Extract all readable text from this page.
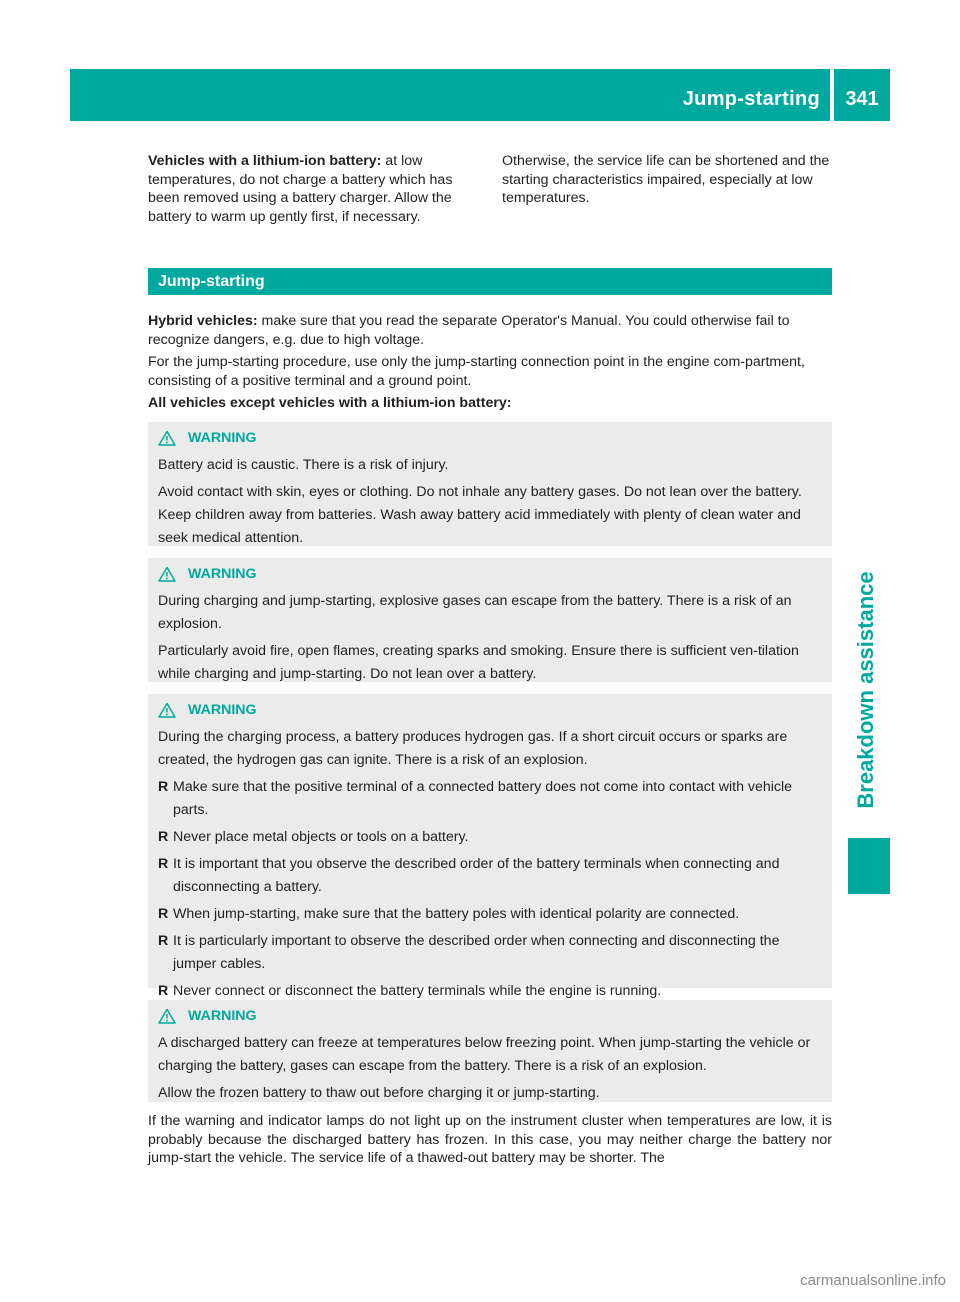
Jump-starting	341
Breakdown assistance
Vehicles with a lithium-ion battery: at low temperatures, do not charge a battery which has been removed using a battery charger. Allow the battery to warm up gently first, if necessary.
Otherwise, the service life can be shortened and the starting characteristics impaired, especially at low temperatures.
Jump-starting

Hybrid vehicles: make sure that you read the separate Operator's Manual. You could otherwise fail to recognize dangers, e.g. due to high voltage.

For the jump-starting procedure, use only the jump-starting connection point in the engine com-partment, consisting of a positive terminal and a ground point.

All vehicles except vehicles with a lithium-ion battery:

WARNING

Battery acid is caustic. There is a risk of injury.

Avoid contact with skin, eyes or clothing. Do not inhale any battery gases. Do not lean over the battery. Keep children away from batteries. Wash away battery acid immediately with plenty of clean water and seek medical attention.

WARNING

During charging and jump-starting, explosive gases can escape from the battery. There is a risk of an explosion.

Particularly avoid fire, open flames, creating sparks and smoking. Ensure there is sufficient ven-tilation while charging and jump-starting. Do not lean over a battery.

WARNING

During the charging process, a battery produces hydrogen gas. If a short circuit occurs or sparks are created, the hydrogen gas can ignite. There is a risk of an explosion.

R Make sure that the positive terminal of a connected battery does not come into contact with vehicle parts.
R Never place metal objects or tools on a battery.
R It is important that you observe the described order of the battery terminals when connecting and disconnecting a battery.
R When jump-starting, make sure that the battery poles with identical polarity are connected.
R It is particularly important to observe the described order when connecting and disconnecting the jumper cables.
R Never connect or disconnect the battery terminals while the engine is running.
WARNING

A discharged battery can freeze at temperatures below freezing point. When jump-starting the vehicle or charging the battery, gases can escape from the battery. There is a risk of an explosion.

Allow the frozen battery to thaw out before charging it or jump-starting.

If the warning and indicator lamps do not light up on the instrument cluster when temperatures are low, it is probably because the discharged battery has frozen. In this case, you may neither charge the battery nor jump-start the vehicle. The service life of a thawed-out battery may be shorter. The
carmanualsonline.info
